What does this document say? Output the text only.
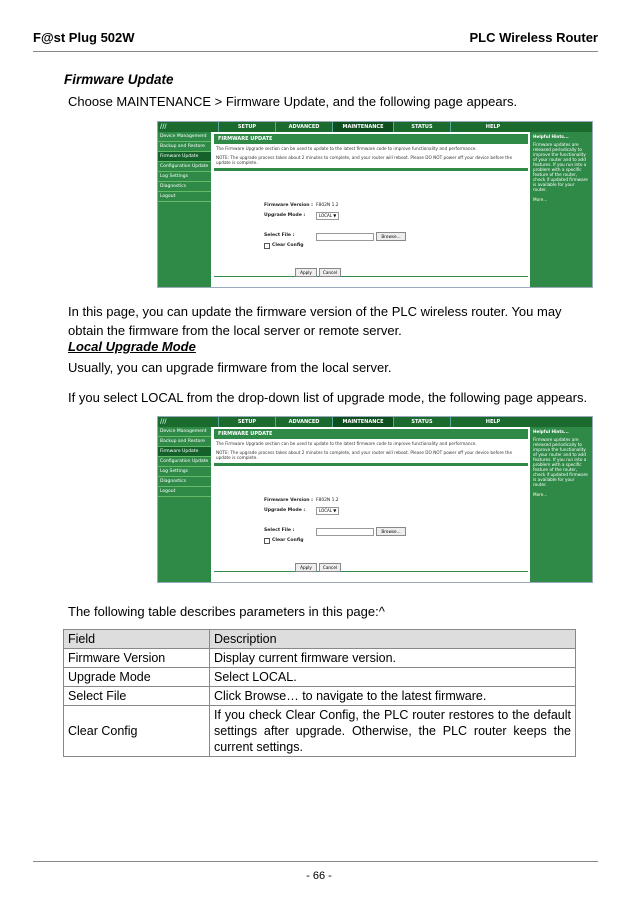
F@st Plug 502W	PLC Wireless Router
Firmware Update
Choose MAINTENANCE > Firmware Update, and the following page appears.
///	SETUP	ADVANCED	MAINTENANCE	STATUS	HELP
Device Management
Backup and Restore
Firmware Update
Configuration Update
Log Settings
Diagnostics
Logout
FIRMWARE UPDATE
The Firmware Upgrade section can be used to update to the latest firmware code to improve functionality and performance.
NOTE: The upgrade process takes about 2 minutes to complete, and your router will reboot. Please DO NOT power off your device before the update is complete.
Firmware Version : F802N 1.2
Upgrade Mode :	LOCAL ▼
Select File :	Browse...
Clear Config
Apply	Cancel
Helpful Hints...
Firmware updates are released periodically to improve the functionality of your router and to add features. If you run into a problem with a specific feature of the router, check if updated firmware is available for your router.
More...
In this page, you can update the firmware version of the PLC wireless router. You may obtain the firmware from the local server or remote server.
Local Upgrade Mode
Usually, you can upgrade firmware from the local server.
If you select LOCAL from the drop-down list of upgrade mode, the following page appears.
///	SETUP	ADVANCED	MAINTENANCE	STATUS	HELP
Device Management
Backup and Restore
Firmware Update
Configuration Update
Log Settings
Diagnostics
Logout
FIRMWARE UPDATE
The Firmware Upgrade section can be used to update to the latest firmware code to improve functionality and performance.
NOTE: The upgrade process takes about 2 minutes to complete, and your router will reboot. Please DO NOT power off your device before the update is complete.
Firmware Version : F802N 1.2
Upgrade Mode :	LOCAL ▼
Select File :	Browse...
Clear Config
Apply	Cancel
Helpful Hints...
Firmware updates are released periodically to improve the functionality of your router and to add features. If you run into a problem with a specific feature of the router, check if updated firmware is available for your router.
More...
The following table describes parameters in this page:^
Field	Description
Firmware Version	Display current firmware version.
Upgrade Mode	Select LOCAL.
Select File	Click Browse… to navigate to the latest firmware.
Clear Config	If you check Clear Config, the PLC router restores to the default settings after upgrade. Otherwise, the PLC router keeps the current settings.
- 66 -
